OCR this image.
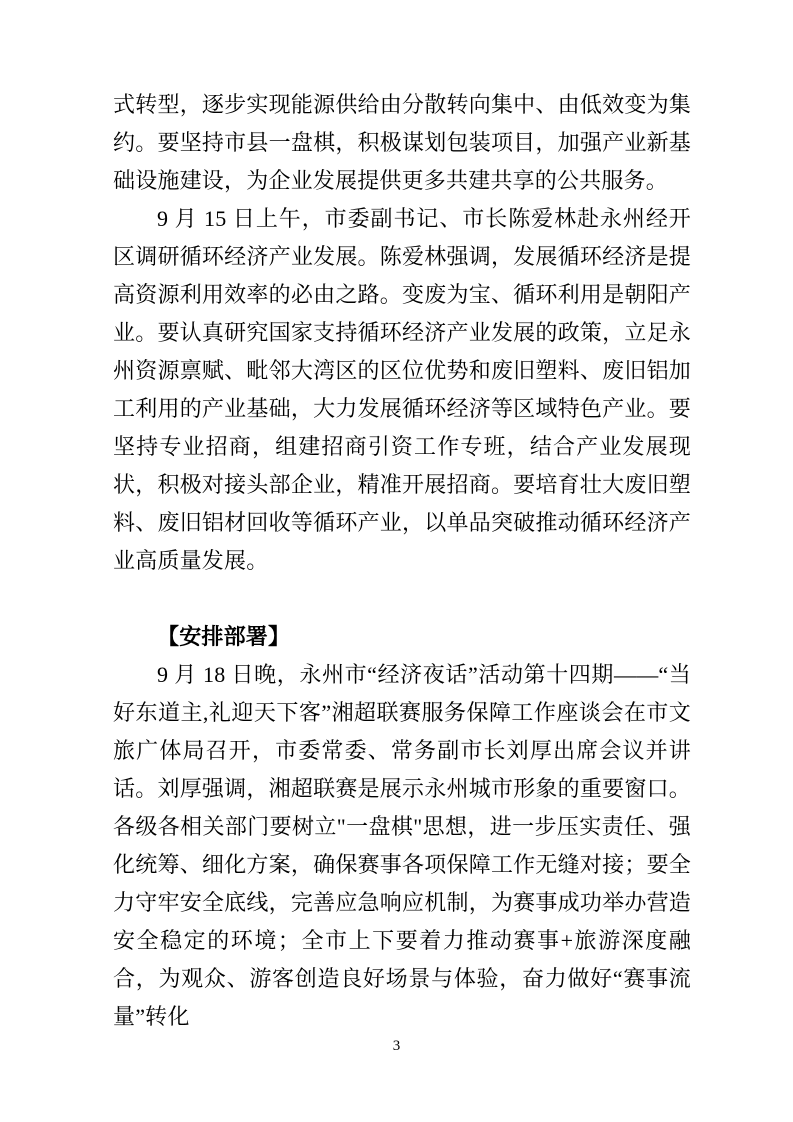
式转型，逐步实现能源供给由分散转向集中、由低效变为集约。要坚持市县一盘棋，积极谋划包装项目，加强产业新基础设施建设，为企业发展提供更多共建共享的公共服务。

9 月 15 日上午，市委副书记、市长陈爱林赴永州经开区调研循环经济产业发展。陈爱林强调，发展循环经济是提高资源利用效率的必由之路。变废为宝、循环利用是朝阳产业。要认真研究国家支持循环经济产业发展的政策，立足永州资源禀赋、毗邻大湾区的区位优势和废旧塑料、废旧铝加工利用的产业基础，大力发展循环经济等区域特色产业。要坚持专业招商，组建招商引资工作专班，结合产业发展现状，积极对接头部企业，精准开展招商。要培育壮大废旧塑料、废旧铝材回收等循环产业，以单品突破推动循环经济产业高质量发展。

【安排部署】

9 月 18 日晚，永州市“经济夜话”活动第十四期——“当好东道主,礼迎天下客”湘超联赛服务保障工作座谈会在市文旅广体局召开，市委常委、常务副市长刘厚出席会议并讲话。刘厚强调，湘超联赛是展示永州城市形象的重要窗口。各级各相关部门要树立"一盘棋"思想，进一步压实责任、强化统筹、细化方案，确保赛事各项保障工作无缝对接；要全力守牢安全底线，完善应急响应机制，为赛事成功举办营造安全稳定的环境；全市上下要着力推动赛事+旅游深度融合，为观众、游客创造良好场景与体验，奋力做好“赛事流量”转化

3
